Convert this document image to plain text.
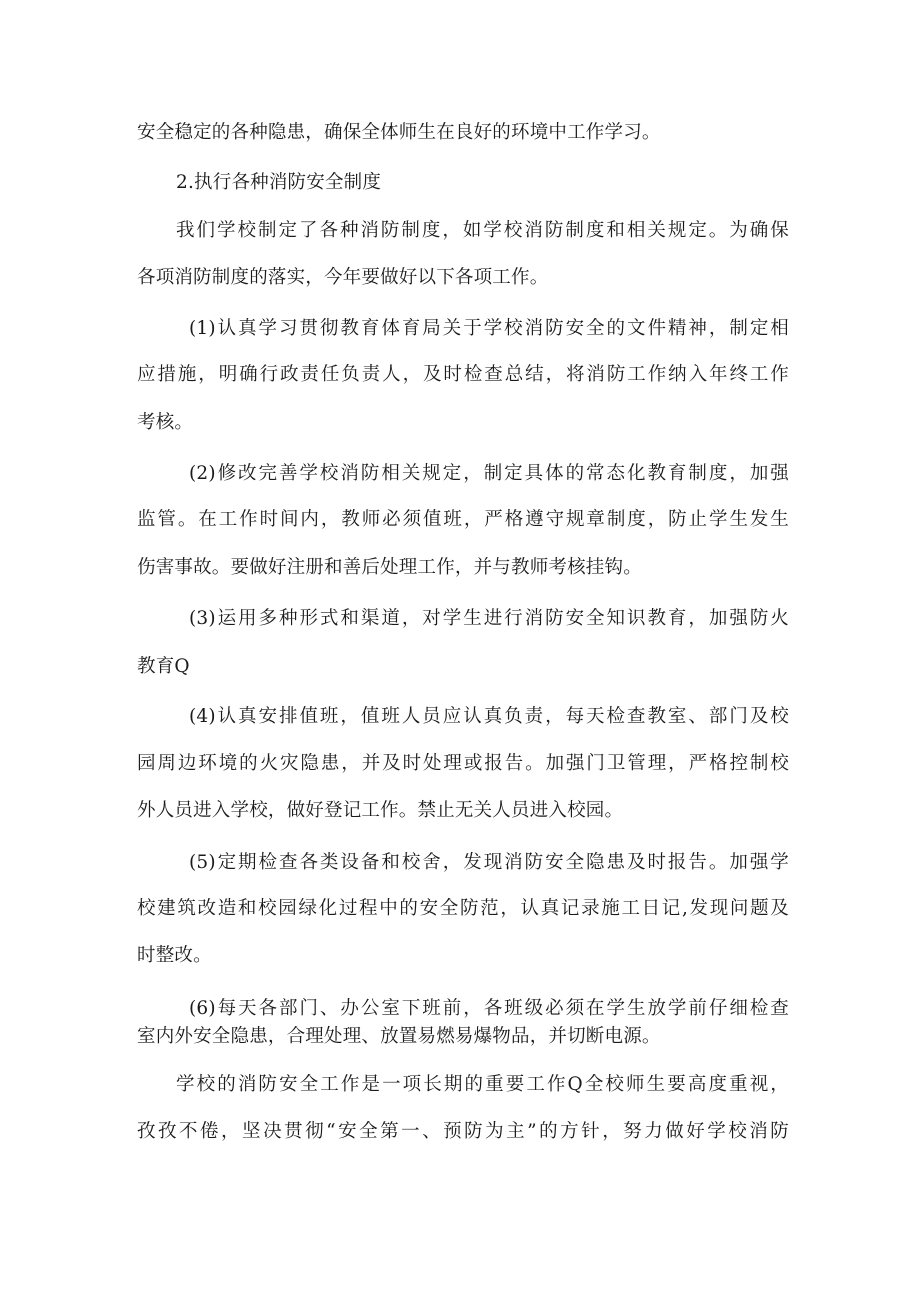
安全稳定的各种隐患，确保全体师生在良好的环境中工作学习。
2.执行各种消防安全制度
我们学校制定了各种消防制度，如学校消防制度和相关规定。为确保
各项消防制度的落实，今年要做好以下各项工作。
(1)认真学习贯彻教育体育局关于学校消防安全的文件精神，制定相
应措施，明确行政责任负责人，及时检查总结，将消防工作纳入年终工作
考核。
(2)修改完善学校消防相关规定，制定具体的常态化教育制度，加强
监管。在工作时间内，教师必须值班，严格遵守规章制度，防止学生发生
伤害事故。要做好注册和善后处理工作，并与教师考核挂钩。
(3)运用多种形式和渠道，对学生进行消防安全知识教育，加强防火
教育Q
(4)认真安排值班，值班人员应认真负责，每天检查教室、部门及校
园周边环境的火灾隐患，并及时处理或报告。加强门卫管理，严格控制校
外人员进入学校，做好登记工作。禁止无关人员进入校园。
(5)定期检查各类设备和校舍，发现消防安全隐患及时报告。加强学
校建筑改造和校园绿化过程中的安全防范，认真记录施工日记,发现问题及
时整改。
(6)每天各部门、办公室下班前，各班级必须在学生放学前仔细检查
室内外安全隐患，合理处理、放置易燃易爆物品，并切断电源。
学校的消防安全工作是一项长期的重要工作Q全校师生要高度重视，
孜孜不倦，坚决贯彻“安全第一、预防为主”的方针，努力做好学校消防
